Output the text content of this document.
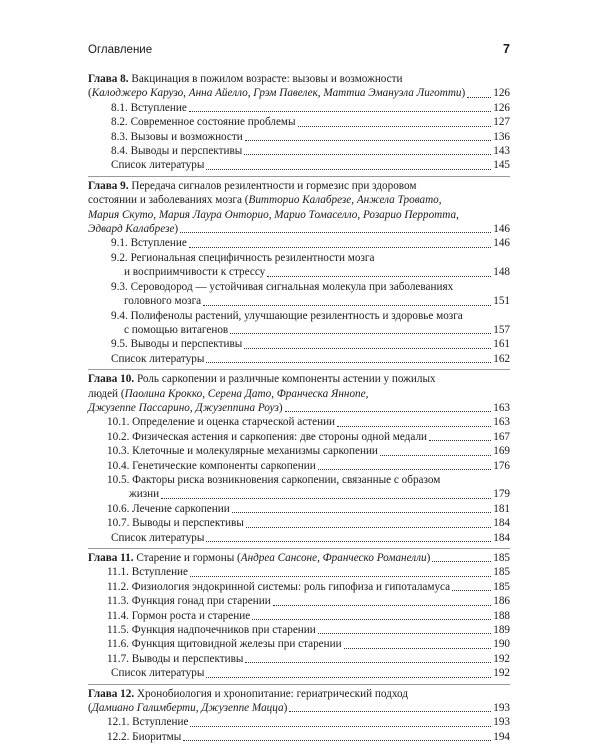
Оглавление	7
Глава 8. Вакцинация в пожилом возрасте: вызовы и возможности
(Калоджеро Карузо, Анна Айелло, Грэм Павелек, Маттиа Эмануэла Лиготти) 126
8.1. Вступление	126
8.2. Современное состояние проблемы	127
8.3. Вызовы и возможности	136
8.4. Выводы и перспективы	143
Список литературы	145
Глава 9. Передача сигналов резилентности и гормезис при здоровом
состоянии и заболеваниях мозга (Витторио Калабрезе, Анжела Тровато,
Мария Скуто, Мария Лаура Онторио, Марио Томаселло, Розарио Пеpротта,
Эдвард Калабрезе)	146
9.1. Вступление	146
9.2. Региональная специфичность резилентности мозга
и восприимчивости к стрессу	148
9.3. Сероводород — устойчивая сигнальная молекула при заболеваниях
головного мозга	151
9.4. Полифенолы растений, улучшающие резилентность и здоровье мозга
с помощью витагенов	157
9.5. Выводы и перспективы	161
Список литературы	162
Глава 10. Роль саркопении и различные компоненты астении у пожилых
людей (Паолина Крокко, Серена Дато, Франческа Яннone,
Джузеппе Пассарино, Джузеппина Роуз)	163
10.1. Определение и оценка старческой астении	163
10.2. Физическая астения и саркопения: две стороны одной медали	167
10.3. Клеточные и молекулярные механизмы саркопении	169
10.4. Генетические компоненты саркопении	176
10.5. Факторы риска возникновения саркопении, связанные с образом
жизни	179
10.6. Лечение саркопении	181
10.7. Выводы и перспективы	184
Список литературы	184
Глава 11. Старение и гормоны (Андреа Сансоне, Франческо Романелли)	185
11.1. Вступление	185
11.2. Физиология эндокринной системы: роль гипофиза и гипоталамуса	185
11.3. Функция гонад при старении	186
11.4. Гормон роста и старение	188
11.5. Функция надпочечников при старении	189
11.6. Функция щитовидной железы при старении	190
11.7. Выводы и перспективы	192
Список литературы	192
Глава 12. Хронобиология и хронопитание: гериатрический подход
(Дамиано Галимберти, Джузеппе Мацца)	193
12.1. Вступление	193
12.2. Биоритмы	194
